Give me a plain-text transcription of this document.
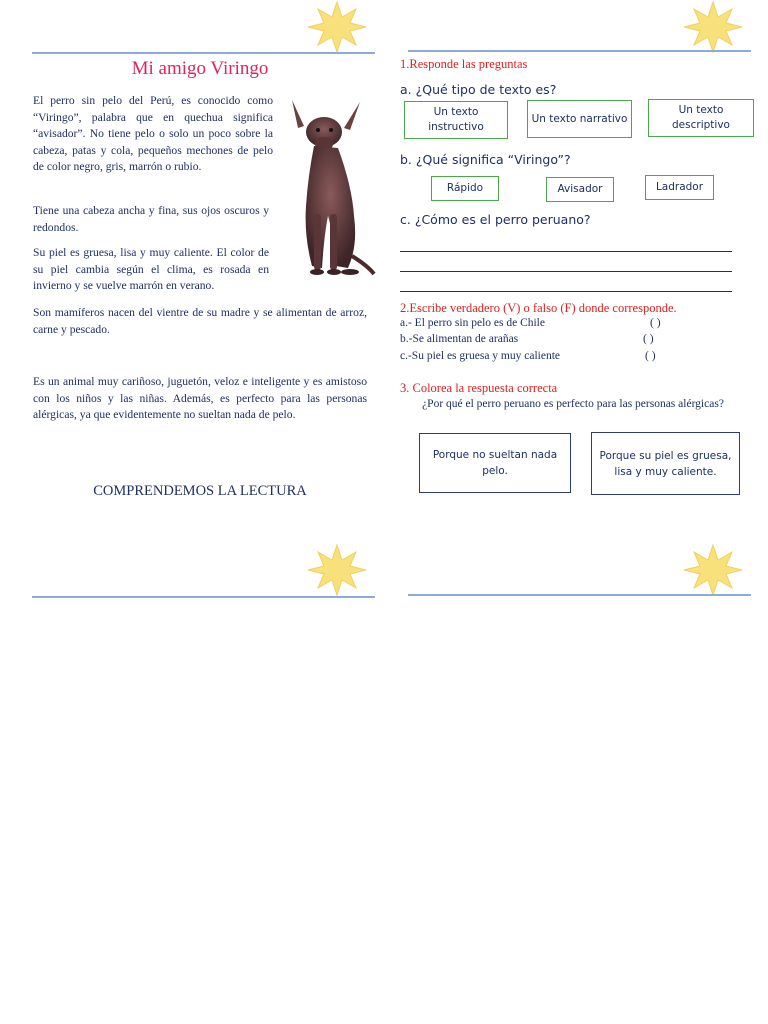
Mi amigo Viringo

El perro sin pelo del Perú, es conocido como “Viringo”, palabra que en quechua significa “avisador”. No tiene pelo o solo un poco sobre la cabeza, patas y cola, pequeños mechones de pelo de color negro, gris, marrón o rubio.

Tiene una cabeza ancha y fina, sus ojos oscuros y redondos.

Su piel es gruesa, lisa y muy caliente. El color de su piel cambia según el clima, es rosada en invierno y se vuelve marrón en verano.

Son mamíferos nacen del vientre de su madre y se alimentan de arroz, carne y pescado.

Es un animal muy cariñoso, juguetón, veloz e inteligente y es amistoso con los niños y las niñas. Además, es perfecto para las personas alérgicas, ya que evidentemente no sueltan nada de pelo.

COMPRENDEMOS LA LECTURA
1.Responde las preguntas
a. ¿Qué tipo de texto es?
Un texto instructivo
Un texto narrativo
Un texto descriptivo
b. ¿Qué significa “Viringo”?
Rápido	Avisador	Ladrador
c. ¿Cómo es el perro peruano?
2.Escribe verdadero (V) o falso (F) donde corresponde.
a.- El perro sin pelo es de Chile	( )
b.-Se alimentan de arañas	( )
c.-Su piel es gruesa y muy caliente	( )
3. Colorea la respuesta correcta
¿Por qué el perro peruano es perfecto para las personas alérgicas?
Porque no sueltan nada pelo.
Porque su piel es gruesa, lisa y muy caliente.
